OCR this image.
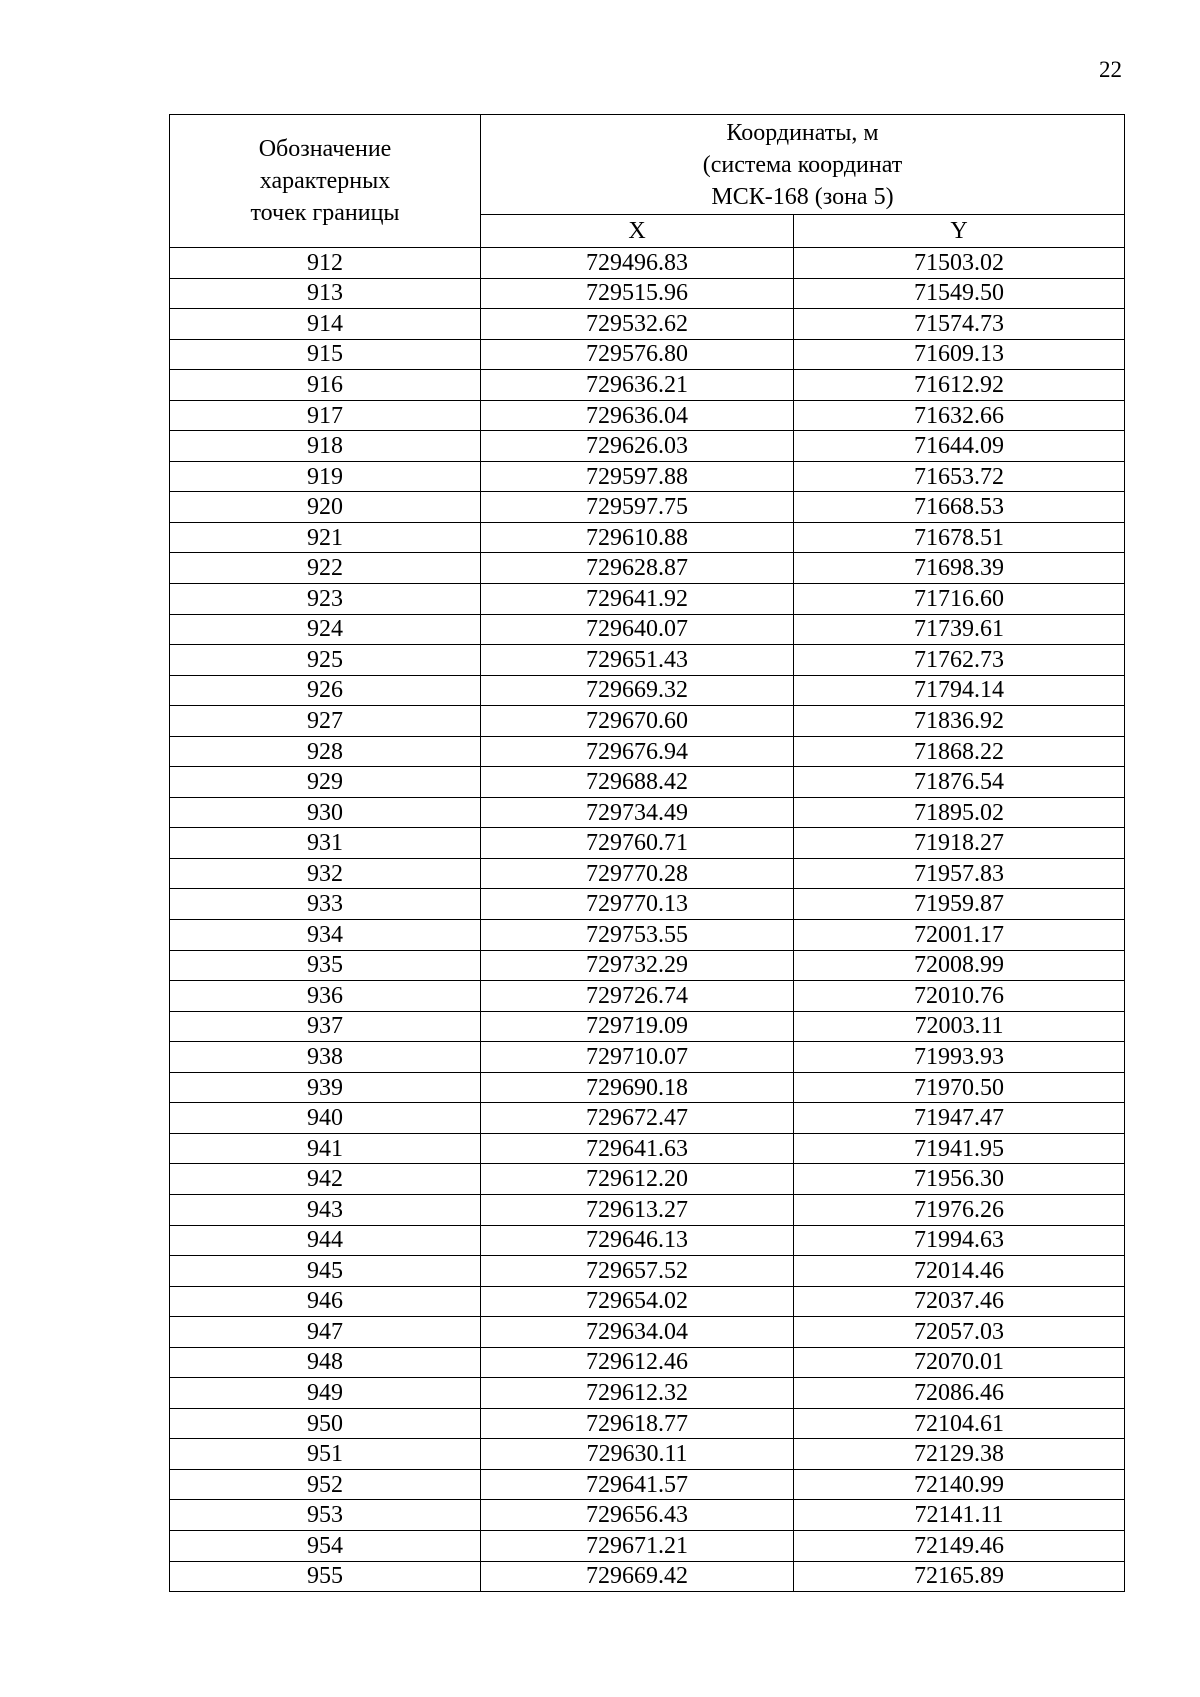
22
Обозначение
характерных
точек границы	Координаты, м
(система координат
МСК-168 (зона 5)	

	X	Y
912	729496.83	71503.02
913	729515.96	71549.50
914	729532.62	71574.73
915	729576.80	71609.13
916	729636.21	71612.92
917	729636.04	71632.66
918	729626.03	71644.09
919	729597.88	71653.72
920	729597.75	71668.53
921	729610.88	71678.51
922	729628.87	71698.39
923	729641.92	71716.60
924	729640.07	71739.61
925	729651.43	71762.73
926	729669.32	71794.14
927	729670.60	71836.92
928	729676.94	71868.22
929	729688.42	71876.54
930	729734.49	71895.02
931	729760.71	71918.27
932	729770.28	71957.83
933	729770.13	71959.87
934	729753.55	72001.17
935	729732.29	72008.99
936	729726.74	72010.76
937	729719.09	72003.11
938	729710.07	71993.93
939	729690.18	71970.50
940	729672.47	71947.47
941	729641.63	71941.95
942	729612.20	71956.30
943	729613.27	71976.26
944	729646.13	71994.63
945	729657.52	72014.46
946	729654.02	72037.46
947	729634.04	72057.03
948	729612.46	72070.01
949	729612.32	72086.46
950	729618.77	72104.61
951	729630.11	72129.38
952	729641.57	72140.99
953	729656.43	72141.11
954	729671.21	72149.46
955	729669.42	72165.89
